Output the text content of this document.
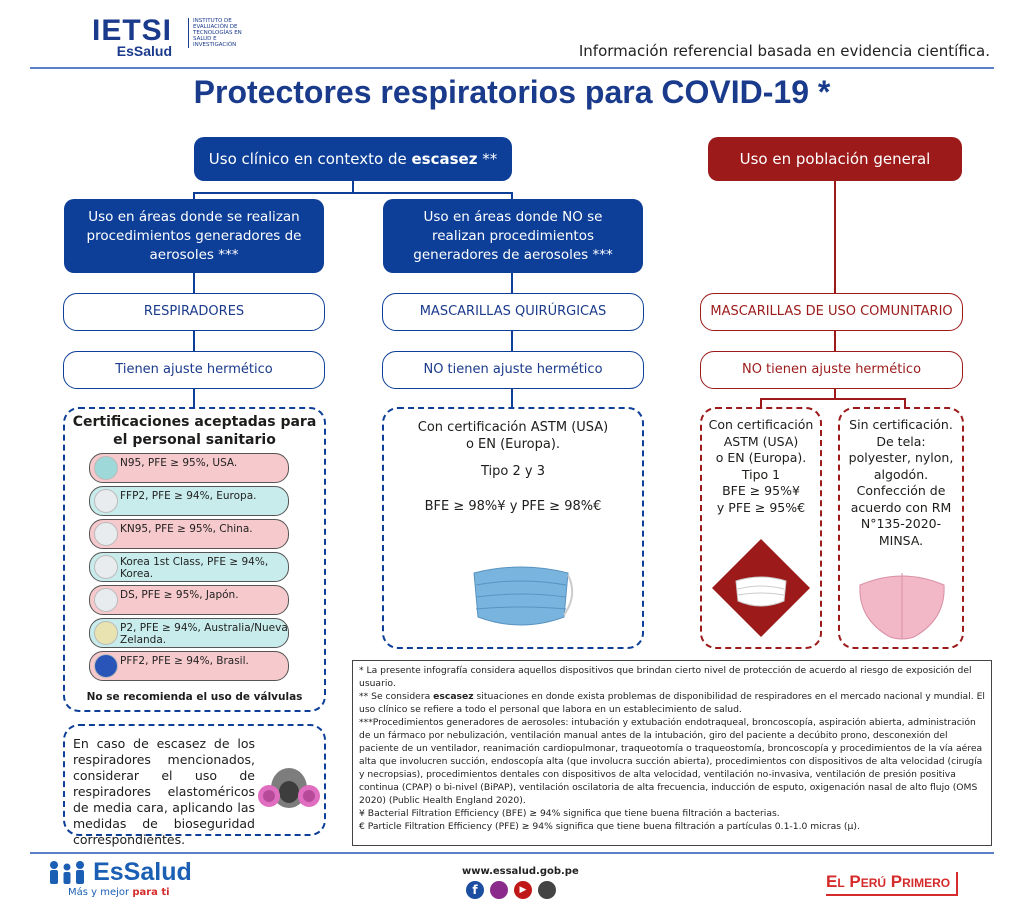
IETSI
EsSalud
INSTITUTO DE EVALUACIÓN DE TECNOLOGÍAS EN SALUD E INVESTIGACIÓN	Información referencial basada en evidencia científica.
Protectores respiratorios para COVID-19 *
Uso clínico en contexto de escasez **	Uso en población general
Uso en áreas donde se realizan procedimientos generadores de aerosoles ***
Uso en áreas donde NO se realizan procedimientos generadores de aerosoles ***
RESPIRADORES	MASCARILLAS QUIRÚRGICAS	MASCARILLAS DE USO COMUNITARIO
Tienen ajuste hermético	NO tienen ajuste hermético	NO tienen ajuste hermético
Certificaciones aceptadas para el personal sanitario
N95, PFE ≥ 95%, USA.
FFP2, PFE ≥ 94%, Europa.
KN95, PFE ≥ 95%, China.
Korea 1st Class, PFE ≥ 94%, Korea.
DS, PFE ≥ 95%, Japón.
P2, PFE ≥ 94%, Australia/Nueva Zelanda.
PFF2, PFE ≥ 94%, Brasil.
No se recomienda el uso de válvulas
En caso de escasez de los respiradores mencionados, considerar el uso de respiradores elastoméricos de media cara, aplicando las medidas de bioseguridad correspondientes.
Con certificación ASTM (USA)
o EN (Europa).
Tipo 2 y 3
BFE ≥ 98%¥ y PFE ≥ 98%€
Con certificación
ASTM (USA)
o EN (Europa).
Tipo 1
BFE ≥ 95%¥
y PFE ≥ 95%€
Sin certificación.
De tela:
polyester, nylon,
algodón.
Confección de
acuerdo con RM
N°135-2020-
MINSA.

* La presente infografía considera aquellos dispositivos que brindan cierto nivel de protección de acuerdo al riesgo de exposición del usuario.

** Se considera escasez situaciones en donde exista problemas de disponibilidad de respiradores en el mercado nacional y mundial. El uso clínico se refiere a todo el personal que labora en un establecimiento de salud.

***Procedimientos generadores de aerosoles: intubación y extubación endotraqueal, broncoscopía, aspiración abierta, administración de un fármaco por nebulización, ventilación manual antes de la intubación, giro del paciente a decúbito prono, desconexión del paciente de un ventilador, reanimación cardiopulmonar, traqueotomía o traqueostomía, broncoscopía y procedimientos de la vía aérea alta que involucren succión, endoscopía alta (que involucra succión abierta), procedimientos con dispositivos de alta velocidad (cirugía y necropsias), procedimientos dentales con dispositivos de alta velocidad, ventilación no-invasiva, ventilación de presión positiva continua (CPAP) o bi-nivel (BiPAP), ventilación oscilatoria de alta frecuencia, inducción de esputo, oxigenación nasal de alto flujo (OMS 2020) (Public Health England 2020).

¥ Bacterial Filtration Efficiency (BFE) ≥ 94% significa que tiene buena filtración a bacterias.

€ Particle Filtration Efficiency (PFE) ≥ 94% significa que tiene buena filtración a partículas 0.1-1.0 micras (μ).

EsSalud
Más y mejor para ti
www.essalud.gob.pe
f	▶	El Perú Primero
